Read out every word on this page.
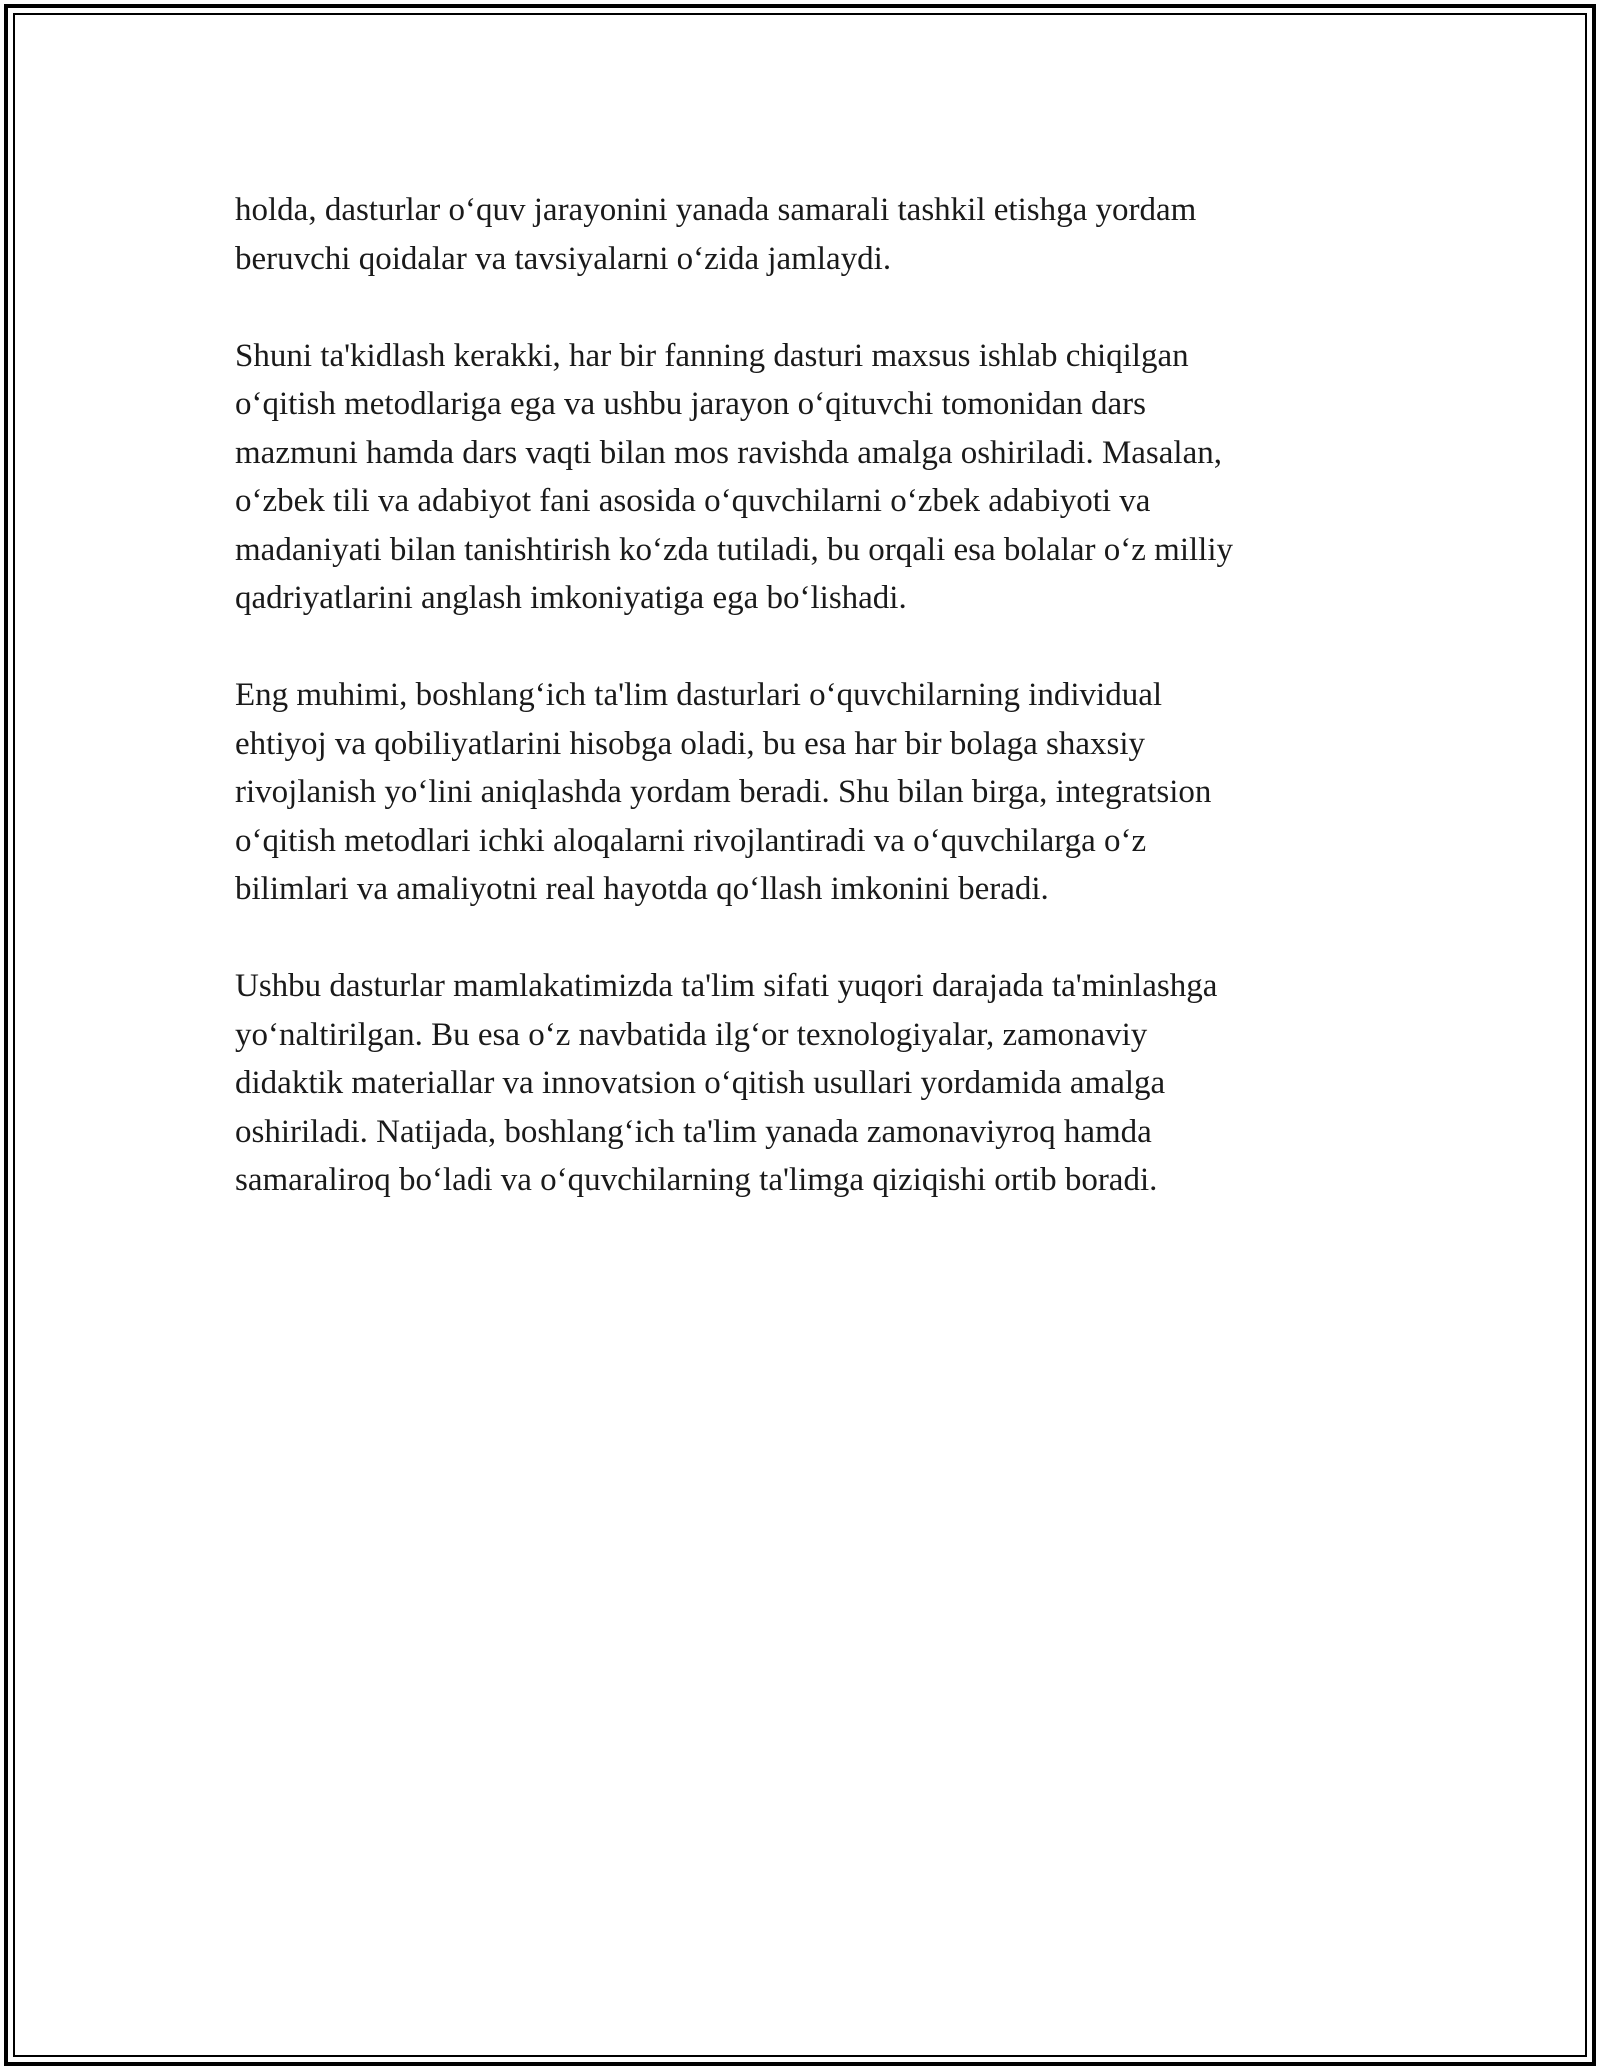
holda, dasturlar o‘quv jarayonini yanada samarali tashkil etishga yordam
beruvchi qoidalar va tavsiyalarni o‘zida jamlaydi.

Shuni ta'kidlash kerakki, har bir fanning dasturi maxsus ishlab chiqilgan
o‘qitish metodlariga ega va ushbu jarayon o‘qituvchi tomonidan dars
mazmuni hamda dars vaqti bilan mos ravishda amalga oshiriladi. Masalan,
o‘zbek tili va adabiyot fani asosida o‘quvchilarni o‘zbek adabiyoti va
madaniyati bilan tanishtirish ko‘zda tutiladi, bu orqali esa bolalar o‘z milliy
qadriyatlarini anglash imkoniyatiga ega bo‘lishadi.

Eng muhimi, boshlang‘ich ta'lim dasturlari o‘quvchilarning individual
ehtiyoj va qobiliyatlarini hisobga oladi, bu esa har bir bolaga shaxsiy
rivojlanish yo‘lini aniqlashda yordam beradi. Shu bilan birga, integratsion
o‘qitish metodlari ichki aloqalarni rivojlantiradi va o‘quvchilarga o‘z
bilimlari va amaliyotni real hayotda qo‘llash imkonini beradi.

Ushbu dasturlar mamlakatimizda ta'lim sifati yuqori darajada ta'minlashga
yo‘naltirilgan. Bu esa o‘z navbatida ilg‘or texnologiyalar, zamonaviy
didaktik materiallar va innovatsion o‘qitish usullari yordamida amalga
oshiriladi. Natijada, boshlang‘ich ta'lim yanada zamonaviyroq hamda
samaraliroq bo‘ladi va o‘quvchilarning ta'limga qiziqishi ortib boradi.
